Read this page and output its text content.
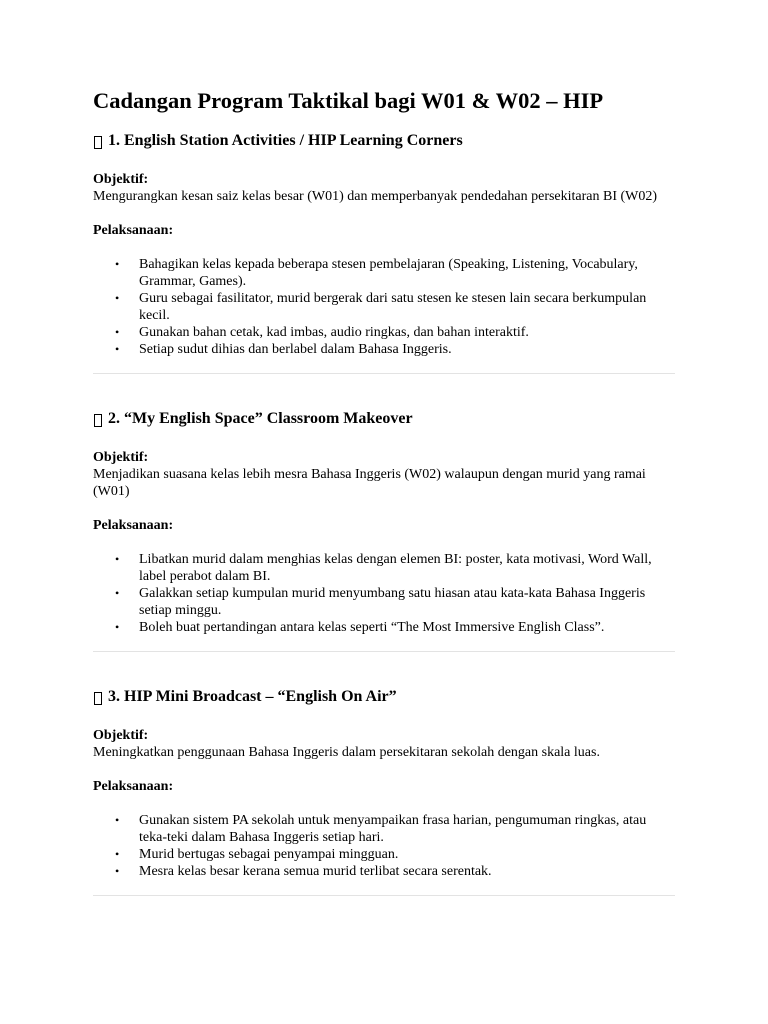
Cadangan Program Taktikal bagi W01 & W02 – HIP
1. English Station Activities / HIP Learning Corners

Objektif:

Mengurangkan kesan saiz kelas besar (W01) dan memperbanyak pendedahan persekitaran BI (W02)

Pelaksanaan:

• Bahagikan kelas kepada beberapa stesen pembelajaran (Speaking, Listening, Vocabulary, Grammar, Games).
• Guru sebagai fasilitator, murid bergerak dari satu stesen ke stesen lain secara berkumpulan kecil.
• Gunakan bahan cetak, kad imbas, audio ringkas, dan bahan interaktif.
• Setiap sudut dihias dan berlabel dalam Bahasa Inggeris.
2. “My English Space” Classroom Makeover

Objektif:

Menjadikan suasana kelas lebih mesra Bahasa Inggeris (W02) walaupun dengan murid yang ramai (W01)

Pelaksanaan:

• Libatkan murid dalam menghias kelas dengan elemen BI: poster, kata motivasi, Word Wall, label perabot dalam BI.
• Galakkan setiap kumpulan murid menyumbang satu hiasan atau kata-kata Bahasa Inggeris setiap minggu.
• Boleh buat pertandingan antara kelas seperti “The Most Immersive English Class”.
3. HIP Mini Broadcast – “English On Air”

Objektif:

Meningkatkan penggunaan Bahasa Inggeris dalam persekitaran sekolah dengan skala luas.

Pelaksanaan:

• Gunakan sistem PA sekolah untuk menyampaikan frasa harian, pengumuman ringkas, atau teka-teki dalam Bahasa Inggeris setiap hari.
• Murid bertugas sebagai penyampai mingguan.
• Mesra kelas besar kerana semua murid terlibat secara serentak.
